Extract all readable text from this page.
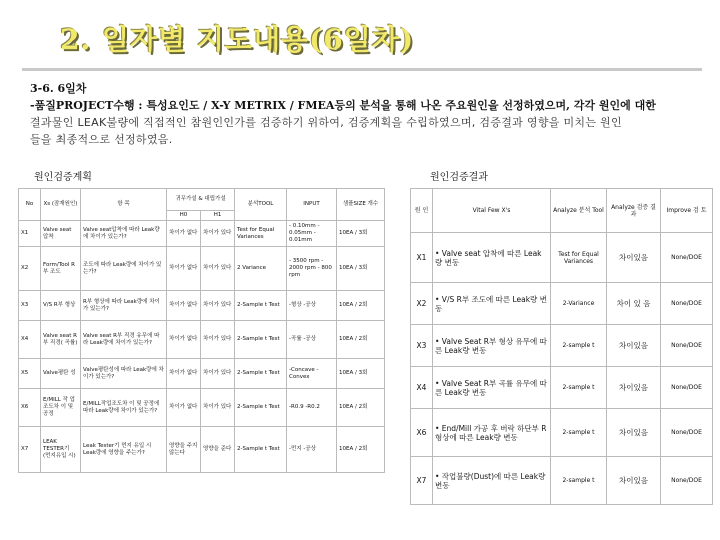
2. 일자별 지도내용(6일차)
3-6. 6일차
-품질PROJECT수행 : 특성요인도 / X-Y METRIX / FMEA등의 분석을 통해 나온 주요원인을 선정하였으며, 각각 원인에 대한
결과물인 LEAK불량에 직접적인 참원인인가를 검증하기 위하여, 검증계획을 수립하였으며, 검증결과 영향을 미치는 원인
들을 최종적으로 선정하였음.
원인검증계획	원인검증결과
No	Xs (잠재원인)	항 목	귀무가설 & 대립가설		분석TOOL	INPUT	샘플SIZE 개수
			H0	H1			
X1	Valve seat 압착	Valve seat압착에 따라 Leak량에 차이가 있는가?	차이가 없다	차이가 있다	Test for Equal Variances	- 0.10mm - 0.05mm - 0.01mm	10EA / 3회
X2	Form/Tool R부 조도	조도에 따라 Leak량에 차이가 있는가?	차이가 없다	차이가 있다	2 Variance	- 3500 rpm - 2000 rpm - 800 rpm	10EA / 3회
X3	V/S R부 형상	R부 형상에 따라 Leak량에 차이가 있는가?	차이가 없다	차이가 있다	2-Sample t Test	-형상 -공상	10EA / 2회
X4	Valve seat R부 직경( 곡률)	Valve seat R부 직경 유무에 따라 Leak량에 차이가 있는가?	차이가 없다	차이가 있다	2-Sample t Test	-곡률 -공상	10EA / 2회
X5	Valve평탄 성	Valve평탄성에 따라 Leak량에 차이가 있는가?	차이가 없다	차이가 있다	2-Sample t Test	-Concave -Convex	10EA / 3회
X6	E/MILL 작 업 조도차 이 및 공정	E/MILL작업조도차 이 및 공정에 따라 Leak량에 차이가 있는가?	차이가 없다	차이가 있다	2-Sample t Test	-R0.9 -R0.2	10EA / 2회
X7	LEAK TESTER기 (먼지유입 시)	Leak Tester기 먼지 유입 시 Leak량에 영향을 주는가?	영향을 주지 않는다	영향을 준다	2-Sample t Test	-먼지 -공상	10EA / 2회
원 인	Vital Few X's	Analyze 분석 Tool	Analyze 검증 결과	Improve 검 토
X1	• Valve seat 압착에 따른 Leak량 변동	Test for Equal Variances	차이있음	None/DOE
X2	• V/S R부 조도에 따른 Leak량 변동	2-Variance	차이 있 음	None/DOE
X3	• Valve Seat R부 형상 유무에 따른 Leak량 변동	2-sample t	차이있음	None/DOE
X4	• Valve Seat R부 곡률 유무에 따른 Leak량 변동	2-sample t	차이있음	None/DOE
X6	• End/Mill 가공 후 버락 하단부 R형상에 따른 Leak량 변동	2-sample t	차이있음	None/DOE
X7	• 작업불량(Dust)에 따른 Leak량 변동	2-sample t	차이있음	None/DOE
